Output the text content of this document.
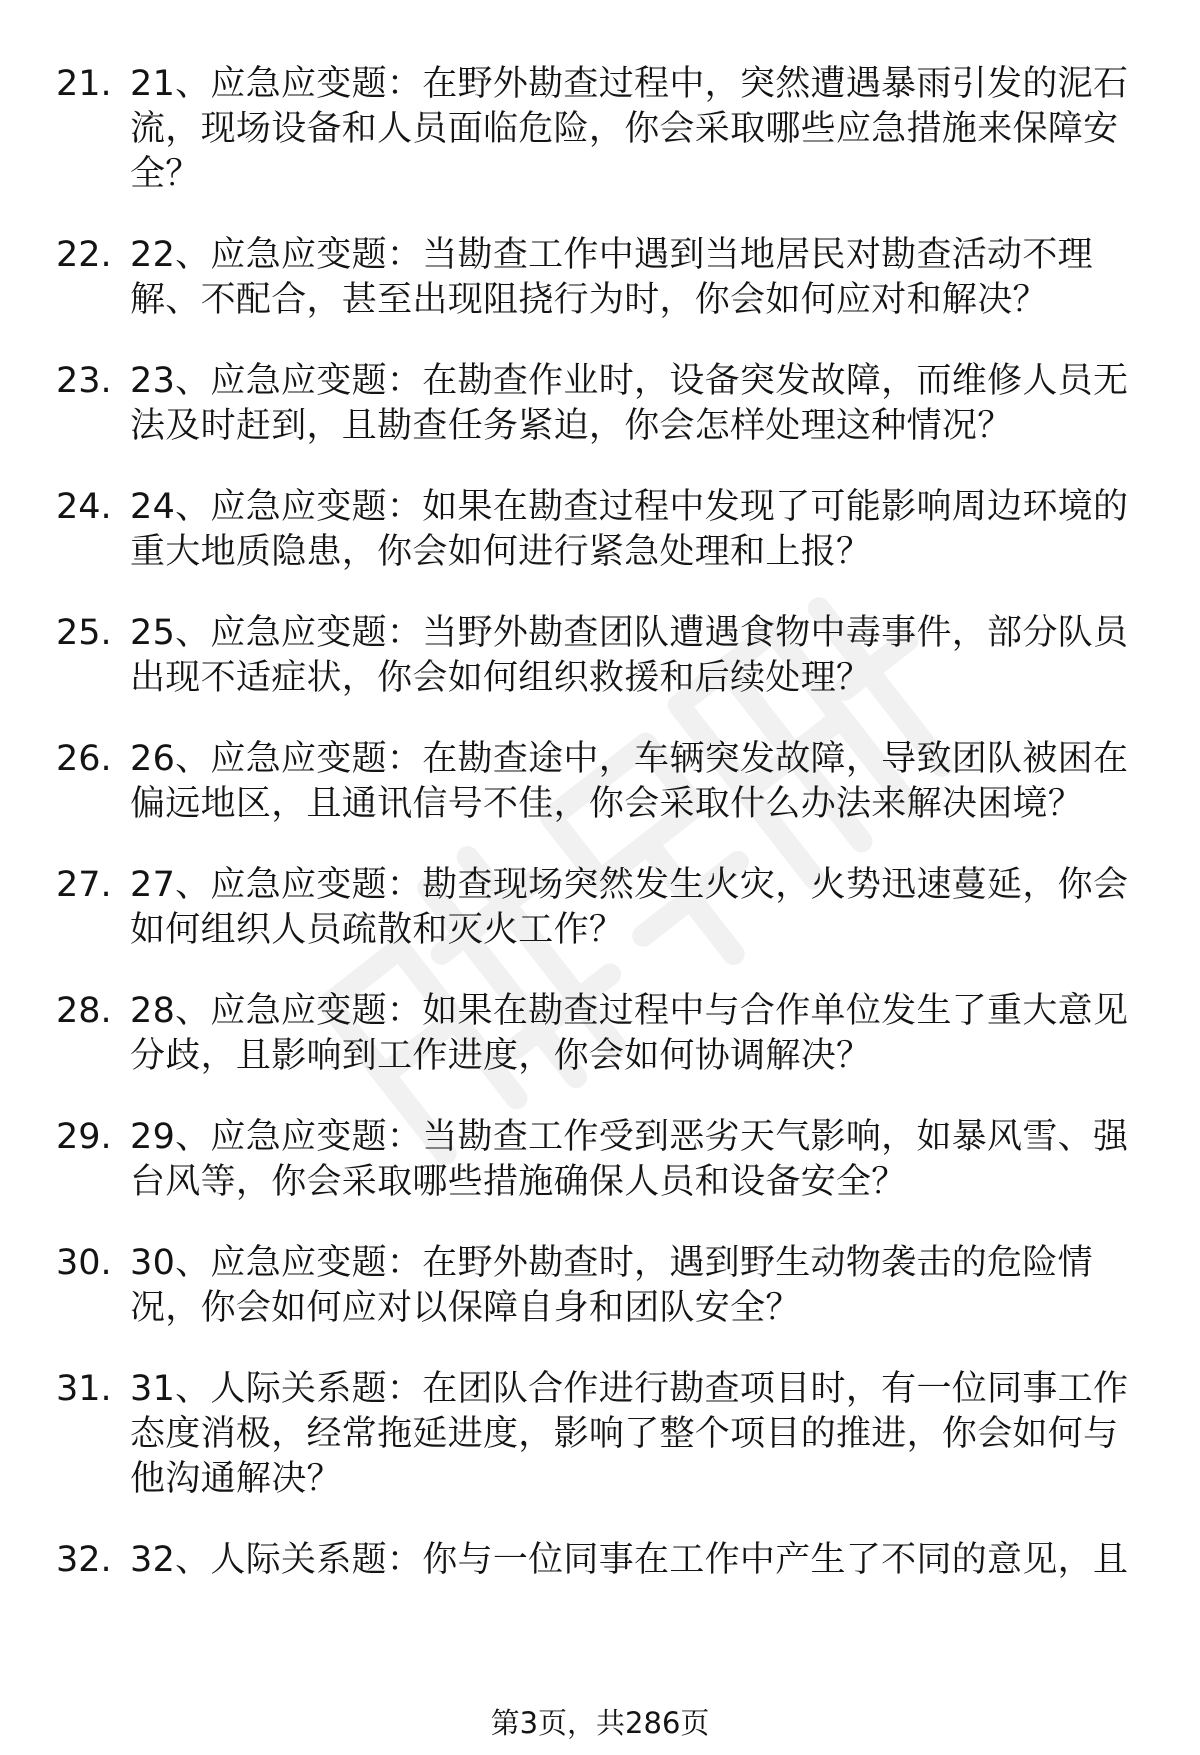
21. 21、应急应变题：在野外勘查过程中，突然遭遇暴雨引发的泥石流，现场设备和人员面临危险，你会采取哪些应急措施来保障安全？
22. 22、应急应变题：当勘查工作中遇到当地居民对勘查活动不理解、不配合，甚至出现阻挠行为时，你会如何应对和解决？
23. 23、应急应变题：在勘查作业时，设备突发故障，而维修人员无法及时赶到，且勘查任务紧迫，你会怎样处理这种情况？
24. 24、应急应变题：如果在勘查过程中发现了可能影响周边环境的重大地质隐患，你会如何进行紧急处理和上报？
25. 25、应急应变题：当野外勘查团队遭遇食物中毒事件，部分队员出现不适症状，你会如何组织救援和后续处理？
26. 26、应急应变题：在勘查途中，车辆突发故障，导致团队被困在偏远地区，且通讯信号不佳，你会采取什么办法来解决困境？
27. 27、应急应变题：勘查现场突然发生火灾，火势迅速蔓延，你会如何组织人员疏散和灭火工作？
28. 28、应急应变题：如果在勘查过程中与合作单位发生了重大意见分歧，且影响到工作进度，你会如何协调解决？
29. 29、应急应变题：当勘查工作受到恶劣天气影响，如暴风雪、强台风等，你会采取哪些措施确保人员和设备安全？
30. 30、应急应变题：在野外勘查时，遇到野生动物袭击的危险情况，你会如何应对以保障自身和团队安全？
31. 31、人际关系题：在团队合作进行勘查项目时，有一位同事工作态度消极，经常拖延进度，影响了整个项目的推进，你会如何与他沟通解决？
32. 32、人际关系题：你与一位同事在工作中产生了不同的意见，且
第3页，共286页
